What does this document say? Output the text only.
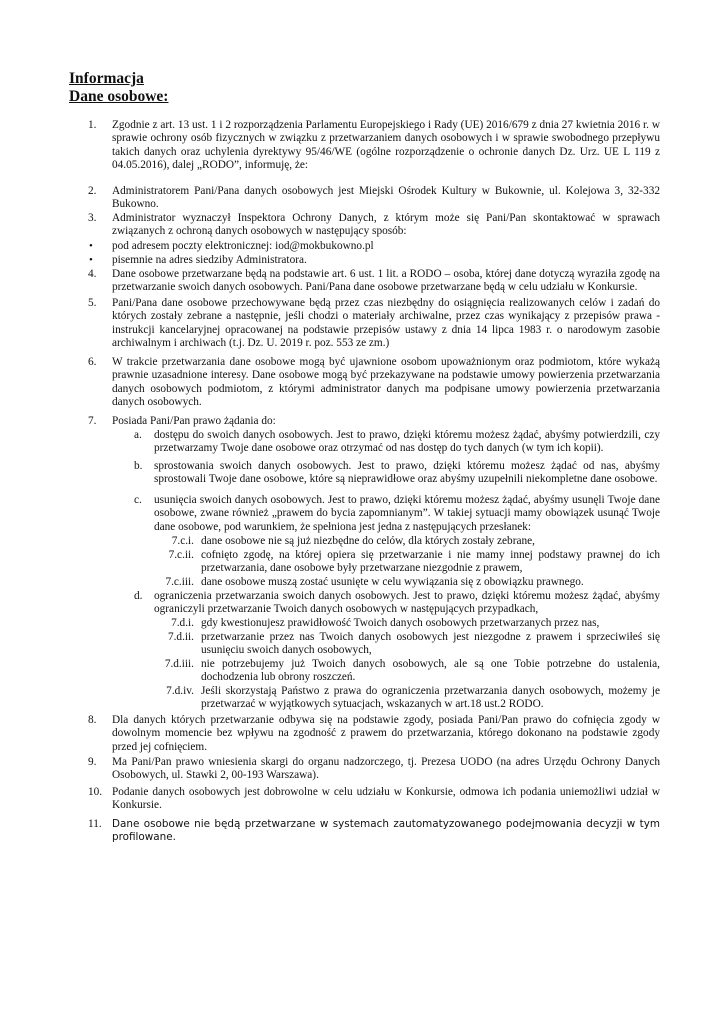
Informacja
Dane osobowe:
1. Zgodnie z art. 13 ust. 1 i 2 rozporządzenia Parlamentu Europejskiego i Rady (UE) 2016/679 z dnia 27 kwietnia 2016 r. w sprawie ochrony osób fizycznych w związku z przetwarzaniem danych osobowych i w sprawie swobodnego przepływu takich danych oraz uchylenia dyrektywy 95/46/WE (ogólne rozporządzenie o ochronie danych Dz. Urz. UE L 119 z 04.05.2016), dalej „RODO”, informuję, że:
2. Administratorem Pani/Pana danych osobowych jest Miejski Ośrodek Kultury w Bukownie, ul. Kolejowa 3, 32-332 Bukowno.
3. Administrator wyznaczył Inspektora Ochrony Danych, z którym może się Pani/Pan skontaktować w sprawach związanych z ochroną danych osobowych w następujący sposób:
• pod adresem poczty elektronicznej: iod@mokbukowno.pl
• pisemnie na adres siedziby Administratora.
4. Dane osobowe przetwarzane będą na podstawie art. 6 ust. 1 lit. a RODO – osoba, której dane dotyczą wyraziła zgodę na przetwarzanie swoich danych osobowych. Pani/Pana dane osobowe przetwarzane będą w celu udziału w Konkursie.
5. Pani/Pana dane osobowe przechowywane będą przez czas niezbędny do osiągnięcia realizowanych celów i zadań do których zostały zebrane a następnie, jeśli chodzi o materiały archiwalne, przez czas wynikający z przepisów prawa - instrukcji kancelaryjnej opracowanej na podstawie przepisów ustawy z dnia 14 lipca 1983 r. o narodowym zasobie archiwalnym i archiwach (t.j. Dz. U. 2019 r. poz. 553 ze zm.)
6. W trakcie przetwarzania dane osobowe mogą być ujawnione osobom upoważnionym oraz podmiotom, które wykażą prawnie uzasadnione interesy. Dane osobowe mogą być przekazywane na podstawie umowy powierzenia przetwarzania danych osobowych podmiotom, z którymi administrator danych ma podpisane umowy powierzenia przetwarzania danych osobowych.
7. Posiada Pani/Pan prawo żądania do:
a. dostępu do swoich danych osobowych. Jest to prawo, dzięki któremu możesz żądać, abyśmy potwierdzili, czy przetwarzamy Twoje dane osobowe oraz otrzymać od nas dostęp do tych danych (w tym ich kopii).
b. sprostowania swoich danych osobowych. Jest to prawo, dzięki któremu możesz żądać od nas, abyśmy sprostowali Twoje dane osobowe, które są nieprawidłowe oraz abyśmy uzupełnili niekompletne dane osobowe.
c. usunięcia swoich danych osobowych. Jest to prawo, dzięki któremu możesz żądać, abyśmy usunęli Twoje dane osobowe, zwane również „prawem do bycia zapomnianym”. W takiej sytuacji mamy obowiązek usunąć Twoje dane osobowe, pod warunkiem, że spełniona jest jedna z następujących przesłanek:
7.c.i. dane osobowe nie są już niezbędne do celów, dla których zostały zebrane,
7.c.ii. cofnięto zgodę, na której opiera się przetwarzanie i nie mamy innej podstawy prawnej do ich przetwarzania, dane osobowe były przetwarzane niezgodnie z prawem,
7.c.iii. dane osobowe muszą zostać usunięte w celu wywiązania się z obowiązku prawnego.
d. ograniczenia przetwarzania swoich danych osobowych. Jest to prawo, dzięki któremu możesz żądać, abyśmy ograniczyli przetwarzanie Twoich danych osobowych w następujących przypadkach,
7.d.i. gdy kwestionujesz prawidłowość Twoich danych osobowych przetwarzanych przez nas,
7.d.ii. przetwarzanie przez nas Twoich danych osobowych jest niezgodne z prawem i sprzeciwiłeś się usunięciu swoich danych osobowych,
7.d.iii. nie potrzebujemy już Twoich danych osobowych, ale są one Tobie potrzebne do ustalenia, dochodzenia lub obrony roszczeń.
7.d.iv. Jeśli skorzystają Państwo z prawa do ograniczenia przetwarzania danych osobowych, możemy je przetwarzać w wyjątkowych sytuacjach, wskazanych w art.18 ust.2 RODO.
8. Dla danych których przetwarzanie odbywa się na podstawie zgody, posiada Pani/Pan prawo do cofnięcia zgody w dowolnym momencie bez wpływu na zgodność z prawem do przetwarzania, którego dokonano na podstawie zgody przed jej cofnięciem.
9. Ma Pani/Pan prawo wniesienia skargi do organu nadzorczego, tj. Prezesa UODO (na adres Urzędu Ochrony Danych Osobowych, ul. Stawki 2, 00-193 Warszawa).
10. Podanie danych osobowych jest dobrowolne w celu udziału w Konkursie, odmowa ich podania uniemożliwi udział w Konkursie.
11. Dane osobowe nie będą przetwarzane w systemach zautomatyzowanego podejmowania decyzji w tym profilowane.
